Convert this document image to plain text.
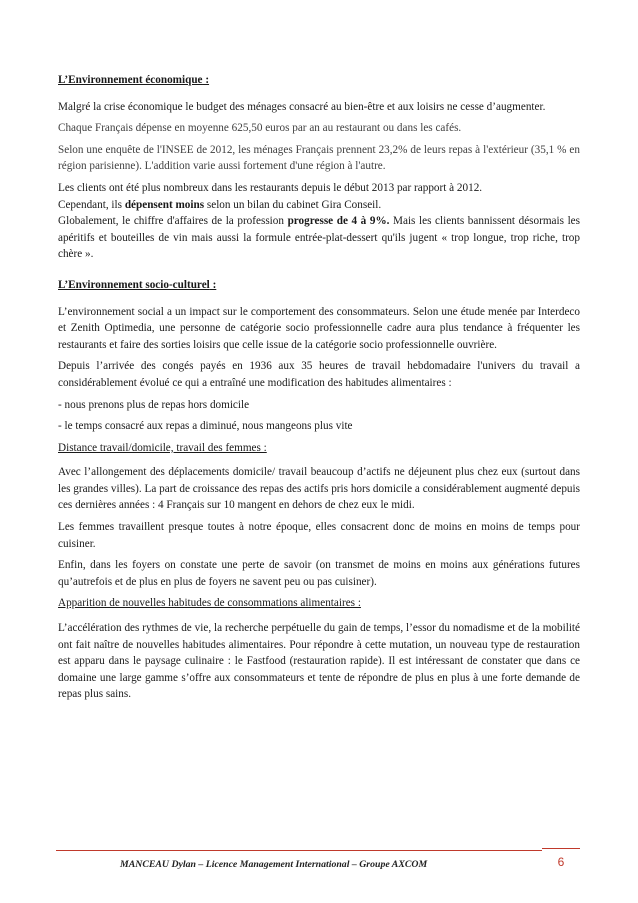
L’Environnement économique :

Malgré la crise économique le budget des ménages consacré au bien-être et aux loisirs ne cesse d’augmenter.

Chaque Français dépense en moyenne 625,50 euros par an au restaurant ou dans les cafés.

Selon une enquête de l'INSEE de 2012, les ménages Français prennent 23,2% de leurs repas à l'extérieur (35,1 % en région parisienne). L'addition varie aussi fortement d'une région à l'autre.

Les clients ont été plus nombreux dans les restaurants depuis le début 2013 par rapport à 2012.

Cependant, ils dépensent moins selon un bilan du cabinet Gira Conseil.

Globalement, le chiffre d'affaires de la profession progresse de 4 à 9%. Mais les clients bannissent désormais les apéritifs et bouteilles de vin mais aussi la formule entrée-plat-dessert qu'ils jugent « trop longue, trop riche, trop chère ».

L’Environnement socio-culturel :

L’environnement social a un impact sur le comportement des consommateurs. Selon une étude menée par Interdeco et Zenith Optimedia, une personne de catégorie socio professionnelle cadre aura plus tendance à fréquenter les restaurants et faire des sorties loisirs que celle issue de la catégorie socio professionnelle ouvrière.

Depuis l’arrivée des congés payés en 1936 aux 35 heures de travail hebdomadaire l'univers du travail a considérablement évolué ce qui a entraîné une modification des habitudes alimentaires :

- nous prenons plus de repas hors domicile

- le temps consacré aux repas a diminué, nous mangeons plus vite

Distance travail/domicile, travail des femmes :

Avec l’allongement des déplacements domicile/ travail beaucoup d’actifs ne déjeunent plus chez eux (surtout dans les grandes villes). La part de croissance des repas des actifs pris hors domicile a considérablement augmenté depuis ces dernières années : 4 Français sur 10 mangent en dehors de chez eux le midi.

Les femmes travaillent presque toutes à notre époque, elles consacrent donc de moins en moins de temps pour cuisiner.

Enfin, dans les foyers on constate une perte de savoir (on transmet de moins en moins aux générations futures qu’autrefois et de plus en plus de foyers ne savent peu ou pas cuisiner).

Apparition de nouvelles habitudes de consommations alimentaires :

L’accélération des rythmes de vie, la recherche perpétuelle du gain de temps, l’essor du nomadisme et de la mobilité ont fait naître de nouvelles habitudes alimentaires. Pour répondre à cette mutation, un nouveau type de restauration est apparu dans le paysage culinaire : le Fastfood (restauration rapide). Il est intéressant de constater que dans ce domaine une large gamme s’offre aux consommateurs et tente de répondre de plus en plus à une forte demande de repas plus sains.

MANCEAU Dylan – Licence Management International – Groupe AXCOM	6
